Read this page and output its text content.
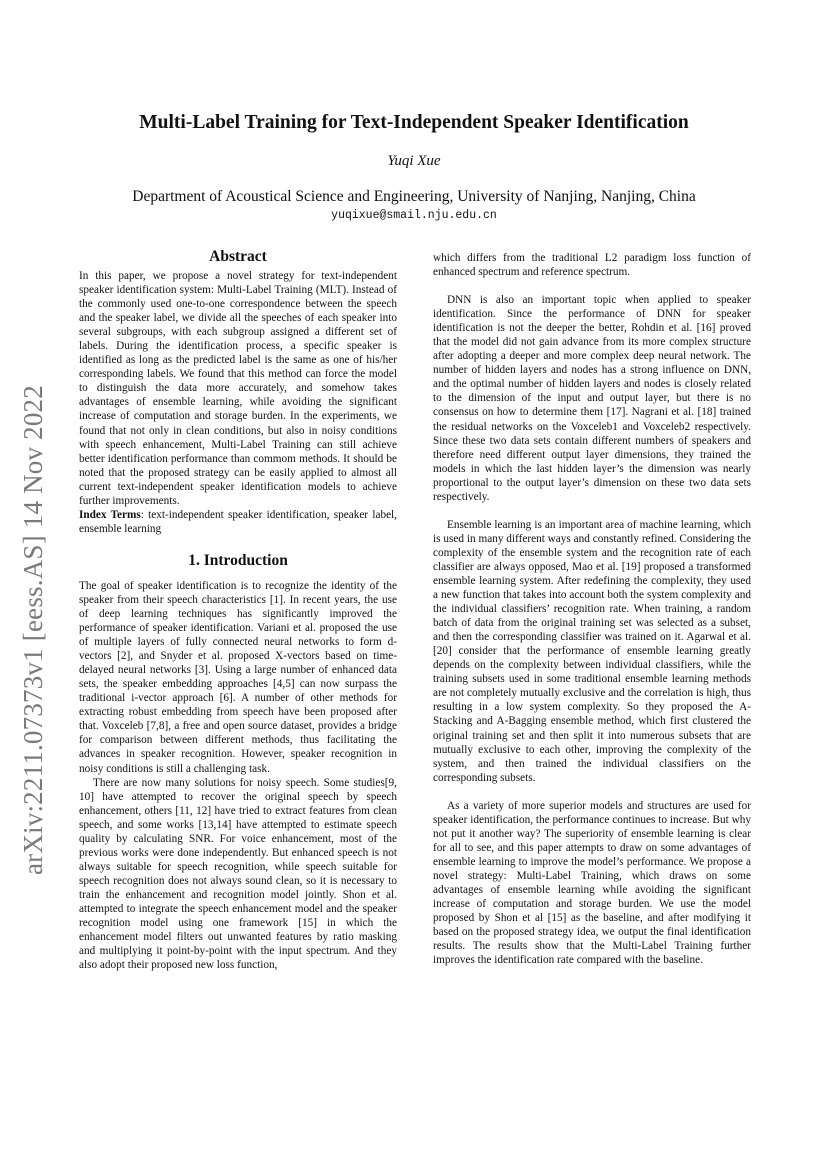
arXiv:2211.07373v1 [eess.AS] 14 Nov 2022
Multi-Label Training for Text-Independent Speaker Identification
Yuqi Xue
Department of Acoustical Science and Engineering, University of Nanjing, Nanjing, China
yuqixue@smail.nju.edu.cn
Abstract

In this paper, we propose a novel strategy for text-independent speaker identification system: Multi-Label Training (MLT). Instead of the commonly used one-to-one correspondence between the speech and the speaker label, we divide all the speeches of each speaker into several subgroups, with each subgroup assigned a different set of labels. During the identification process, a specific speaker is identified as long as the predicted label is the same as one of his/her corresponding labels. We found that this method can force the model to distinguish the data more accurately, and somehow takes advantages of ensemble learning, while avoiding the significant increase of computation and storage burden. In the experiments, we found that not only in clean conditions, but also in noisy conditions with speech enhancement, Multi-Label Training can still achieve better identification performance than commom methods. It should be noted that the proposed strategy can be easily applied to almost all current text-independent speaker identification models to achieve further improvements.

Index Terms: text-independent speaker identification, speaker label, ensemble learning

1. Introduction

The goal of speaker identification is to recognize the identity of the speaker from their speech characteristics [1]. In recent years, the use of deep learning techniques has significantly improved the performance of speaker identification. Variani et al. proposed the use of multiple layers of fully connected neural networks to form d-vectors [2], and Snyder et al. proposed X-vectors based on time-delayed neural networks [3]. Using a large number of enhanced data sets, the speaker embedding approaches [4,5] can now surpass the traditional i-vector approach [6]. A number of other methods for extracting robust embedding from speech have been proposed after that. Voxceleb [7,8], a free and open source dataset, provides a bridge for comparison between different methods, thus facilitating the advances in speaker recognition. However, speaker recognition in noisy conditions is still a challenging task.

There are now many solutions for noisy speech. Some studies[9, 10] have attempted to recover the original speech by speech enhancement, others [11, 12] have tried to extract features from clean speech, and some works [13,14] have attempted to estimate speech quality by calculating SNR. For voice enhancement, most of the previous works were done independently. But enhanced speech is not always suitable for speech recognition, while speech suitable for speech recognition does not always sound clean, so it is necessary to train the enhancement and recognition model jointly. Shon et al. attempted to integrate the speech enhancement model and the speaker recognition model using one framework [15] in which the enhancement model filters out unwanted features by ratio masking and multiplying it point-by-point with the input spectrum. And they also adopt their proposed new loss function,

which differs from the traditional L2 paradigm loss function of enhanced spectrum and reference spectrum.

DNN is also an important topic when applied to speaker identification. Since the performance of DNN for speaker identification is not the deeper the better, Rohdin et al. [16] proved that the model did not gain advance from its more complex structure after adopting a deeper and more complex deep neural network. The number of hidden layers and nodes has a strong influence on DNN, and the optimal number of hidden layers and nodes is closely related to the dimension of the input and output layer, but there is no consensus on how to determine them [17]. Nagrani et al. [18] trained the residual networks on the Voxceleb1 and Voxceleb2 respectively. Since these two data sets contain different numbers of speakers and therefore need different output layer dimensions, they trained the models in which the last hidden layer’s the dimension was nearly proportional to the output layer’s dimension on these two data sets respectively.

Ensemble learning is an important area of machine learning, which is used in many different ways and constantly refined. Considering the complexity of the ensemble system and the recognition rate of each classifier are always opposed, Mao et al. [19] proposed a transformed ensemble learning system. After redefining the complexity, they used a new function that takes into account both the system complexity and the individual classifiers’ recognition rate. When training, a random batch of data from the original training set was selected as a subset, and then the corresponding classifier was trained on it. Agarwal et al. [20] consider that the performance of ensemble learning greatly depends on the complexity between individual classifiers, while the training subsets used in some traditional ensemble learning methods are not completely mutually exclusive and the correlation is high, thus resulting in a low system complexity. So they proposed the A-Stacking and A-Bagging ensemble method, which first clustered the original training set and then split it into numerous subsets that are mutually exclusive to each other, improving the complexity of the system, and then trained the individual classifiers on the corresponding subsets.

As a variety of more superior models and structures are used for speaker identification, the performance continues to increase. But why not put it another way? The superiority of ensemble learning is clear for all to see, and this paper attempts to draw on some advantages of ensemble learning to improve the model’s performance. We propose a novel strategy: Multi-Label Training, which draws on some advantages of ensemble learning while avoiding the significant increase of computation and storage burden. We use the model proposed by Shon et al [15] as the baseline, and after modifying it based on the proposed strategy idea, we output the final identification results. The results show that the Multi-Label Training further improves the identification rate compared with the baseline.
